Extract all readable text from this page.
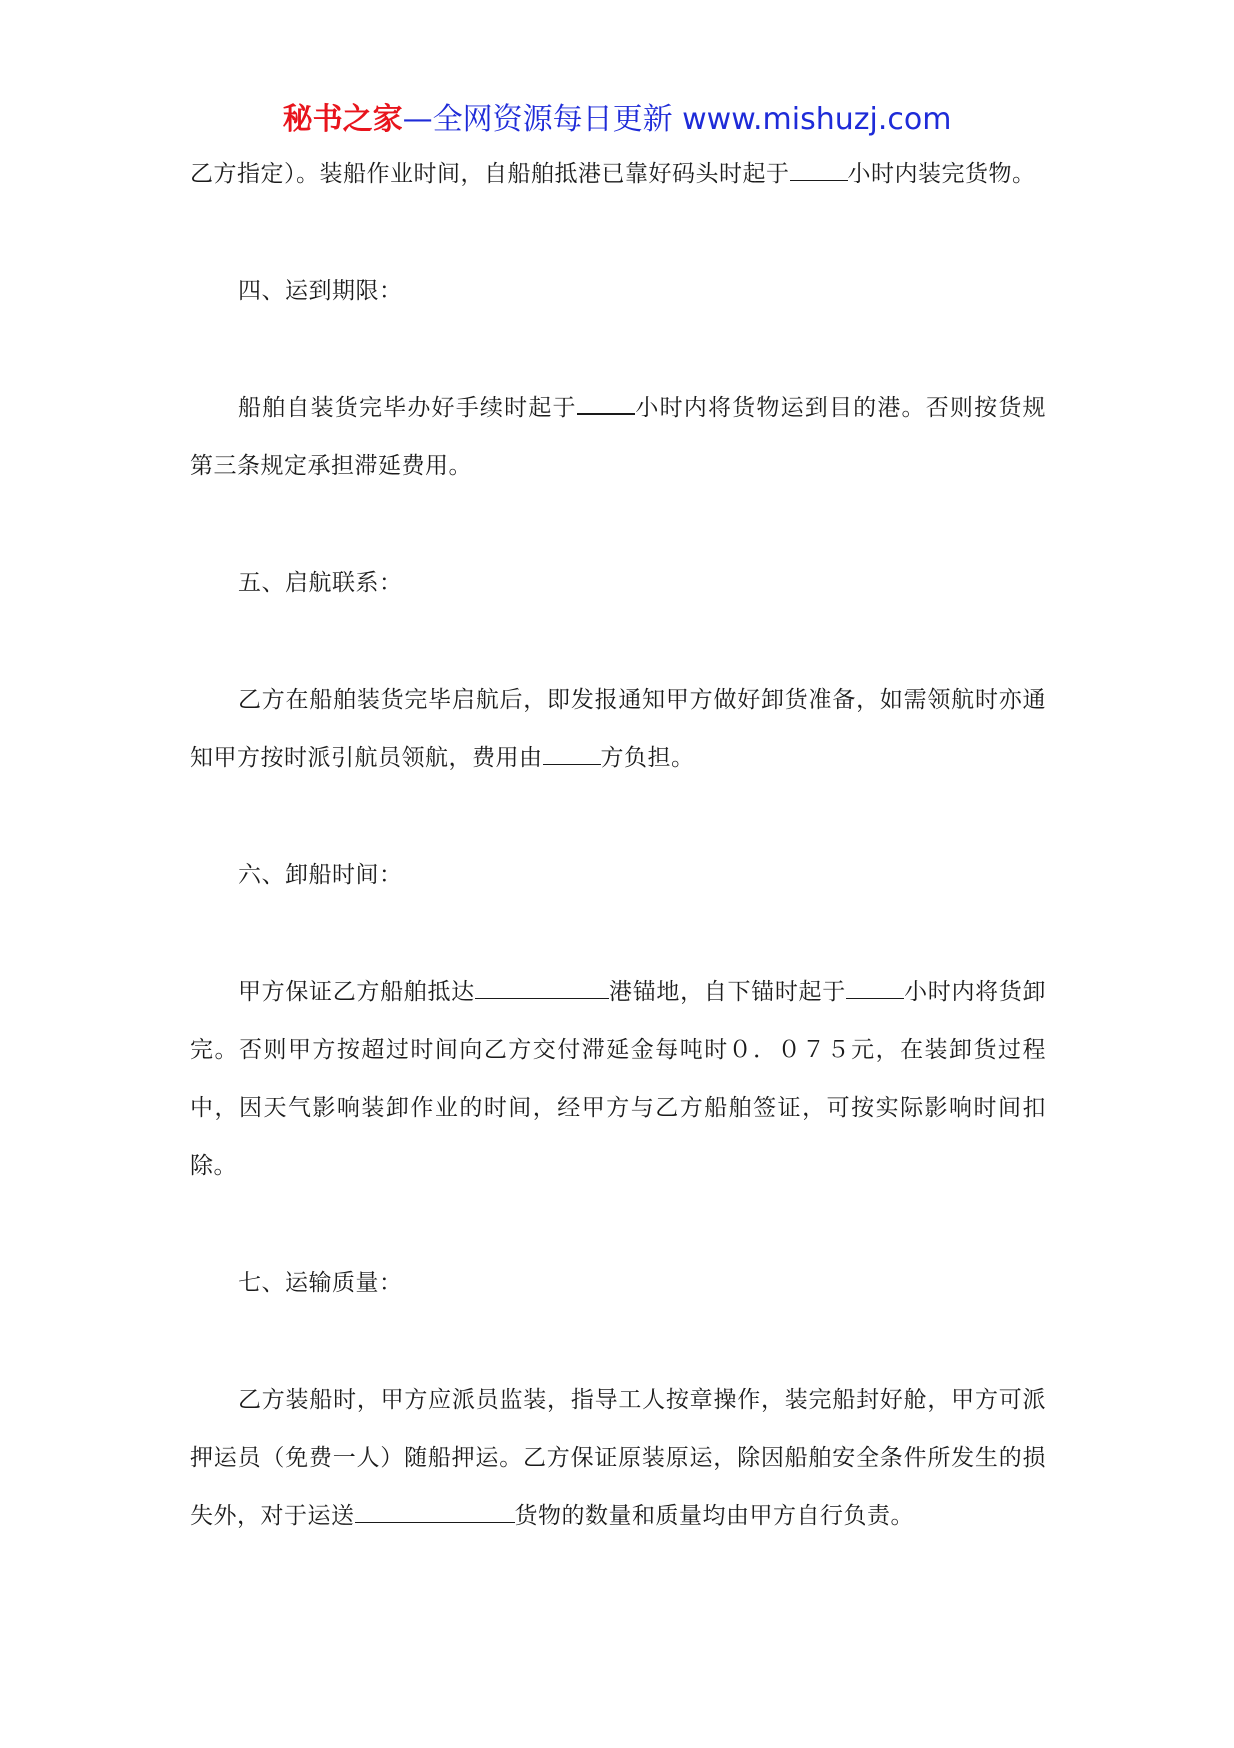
秘书之家—全网资源每日更新 www.mishuzj.com

乙方指定）。装船作业时间，自船舶抵港已靠好码头时起于	小时内装完货物。

四、运到期限：

船舶自装货完毕办好手续时起于	小时内将货物运到目的港。否则按货规第三条规定承担滞延费用。

五、启航联系：

乙方在船舶装货完毕启航后，即发报通知甲方做好卸货准备，如需领航时亦通知甲方按时派引航员领航，费用由	方负担。

六、卸船时间：

甲方保证乙方船舶抵达	港锚地，自下锚时起于	小时内将货卸完。否则甲方按超过时间向乙方交付滞延金每吨时０．０７５元，在装卸货过程中，因天气影响装卸作业的时间，经甲方与乙方船舶签证，可按实际影响时间扣除。

七、运输质量：

乙方装船时，甲方应派员监装，指导工人按章操作，装完船封好舱，甲方可派押运员（免费一人）随船押运。乙方保证原装原运，除因船舶安全条件所发生的损失外，对于运送	货物的数量和质量均由甲方自行负责。
